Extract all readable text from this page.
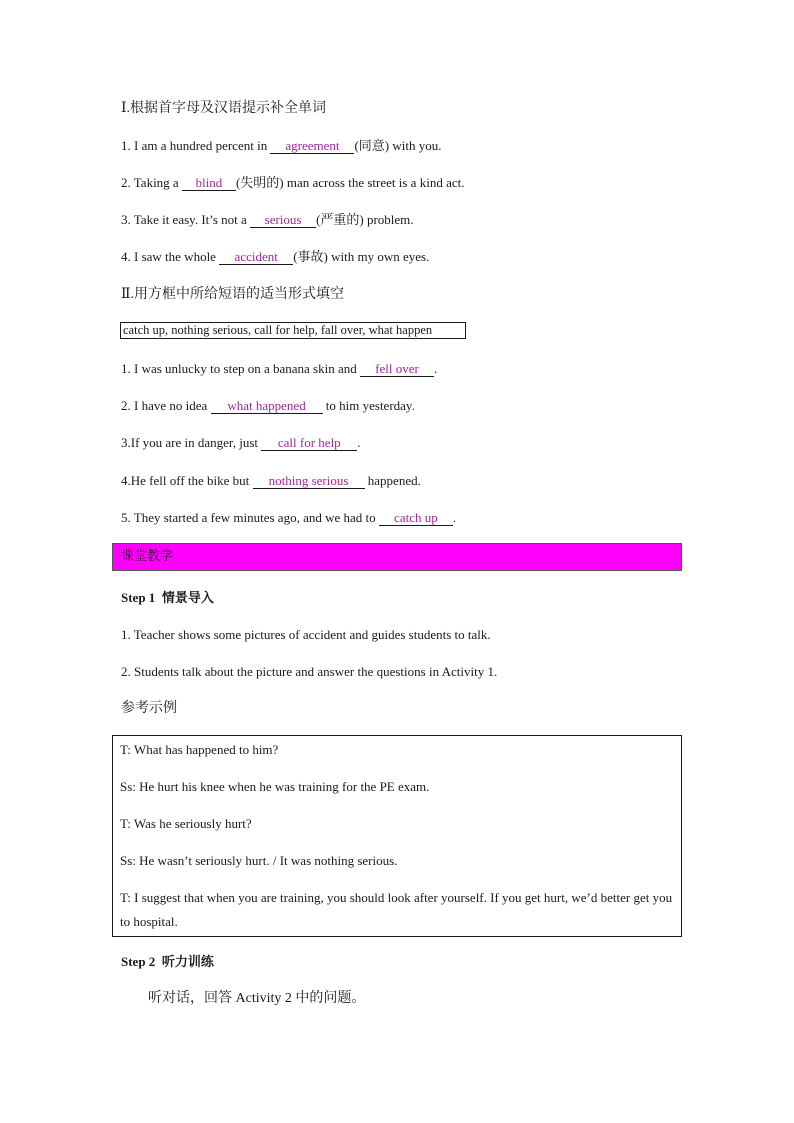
Ⅰ.根据首字母及汉语提示补全单词
1. I am a hundred percent in agreement (同意) with you.
2. Taking a blind (失明的) man across the street is a kind act.
3. Take it easy. It’s not a serious (严重的) problem.
4. I saw the whole accident (事故) with my own eyes.
Ⅱ.用方框中所给短语的适当形式填空
catch up, nothing serious, call for help, fall over, what happen
1. I was unlucky to step on a banana skin and fell over .
2. I have no idea what happened to him yesterday.
3.If you are in danger, just call for help .
4.He fell off the bike but nothing serious happened.
5. They started a few minutes ago, and we had to catch up .
课堂教学
Step 1 情景导入
1. Teacher shows some pictures of accident and guides students to talk.
2. Students talk about the picture and answer the questions in Activity 1.
参考示例
T: What has happened to him?
Ss: He hurt his knee when he was training for the PE exam.
T: Was he seriously hurt?
Ss: He wasn’t seriously hurt. / It was nothing serious.
T: I suggest that when you are training, you should look after yourself. If you get hurt, we’d better get you to hospital.
Step 2 听力训练
听对话，回答 Activity 2 中的问题。
